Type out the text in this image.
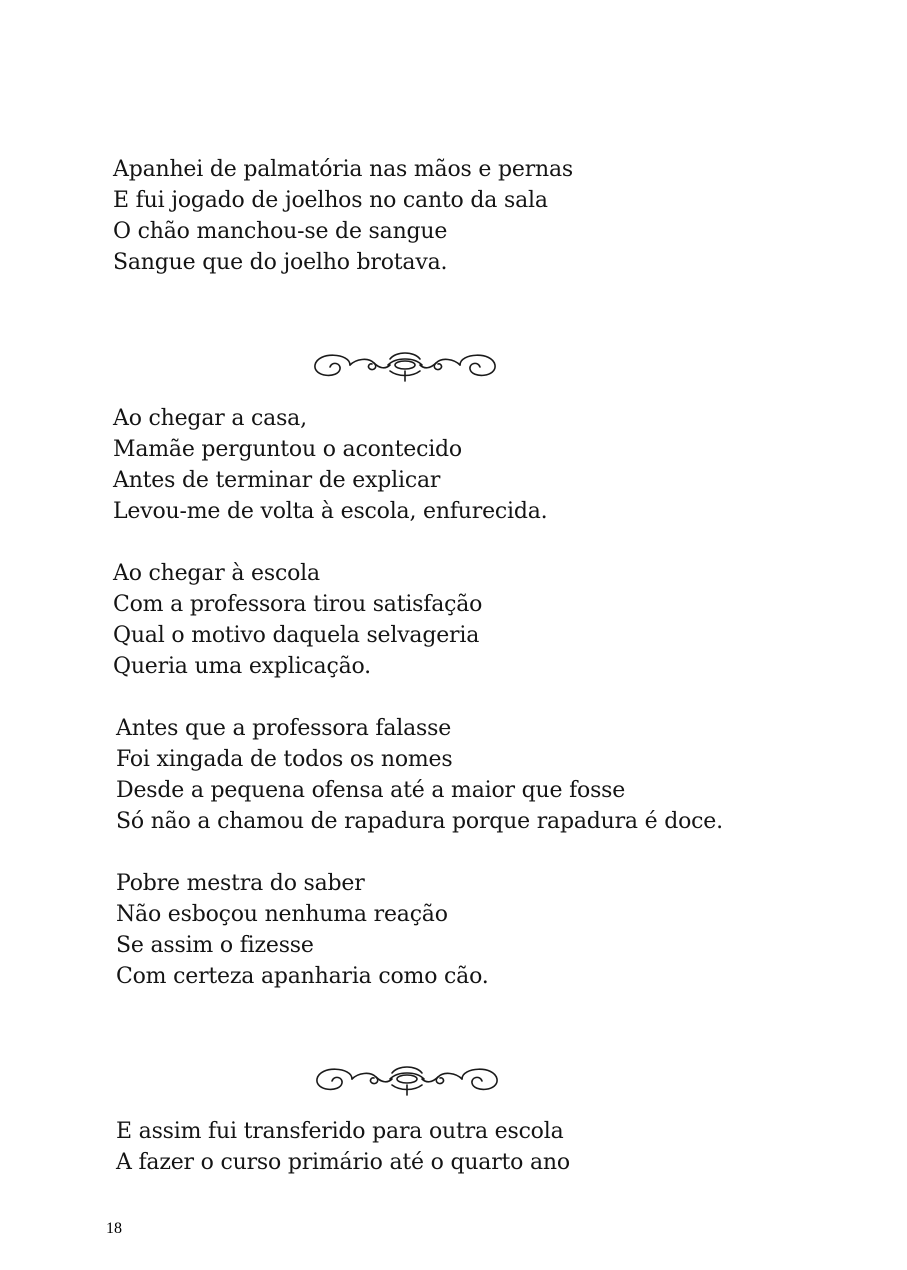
Apanhei de palmatória nas mãos e pernas
E fui jogado de joelhos no canto da sala
O chão manchou-se de sangue
Sangue que do joelho brotava.
Ao chegar a casa,
Mamãe perguntou o acontecido
Antes de terminar de explicar
Levou-me de volta à escola, enfurecida.
Ao chegar à escola
Com a professora tirou satisfação
Qual o motivo daquela selvageria
Queria uma explicação.
Antes que a professora falasse
Foi xingada de todos os nomes
Desde a pequena ofensa até a maior que fosse
Só não a chamou de rapadura porque rapadura é doce.
Pobre mestra do saber
Não esboçou nenhuma reação
Se assim o fizesse
Com certeza apanharia como cão.
E assim fui transferido para outra escola
A fazer o curso primário até o quarto ano
18
